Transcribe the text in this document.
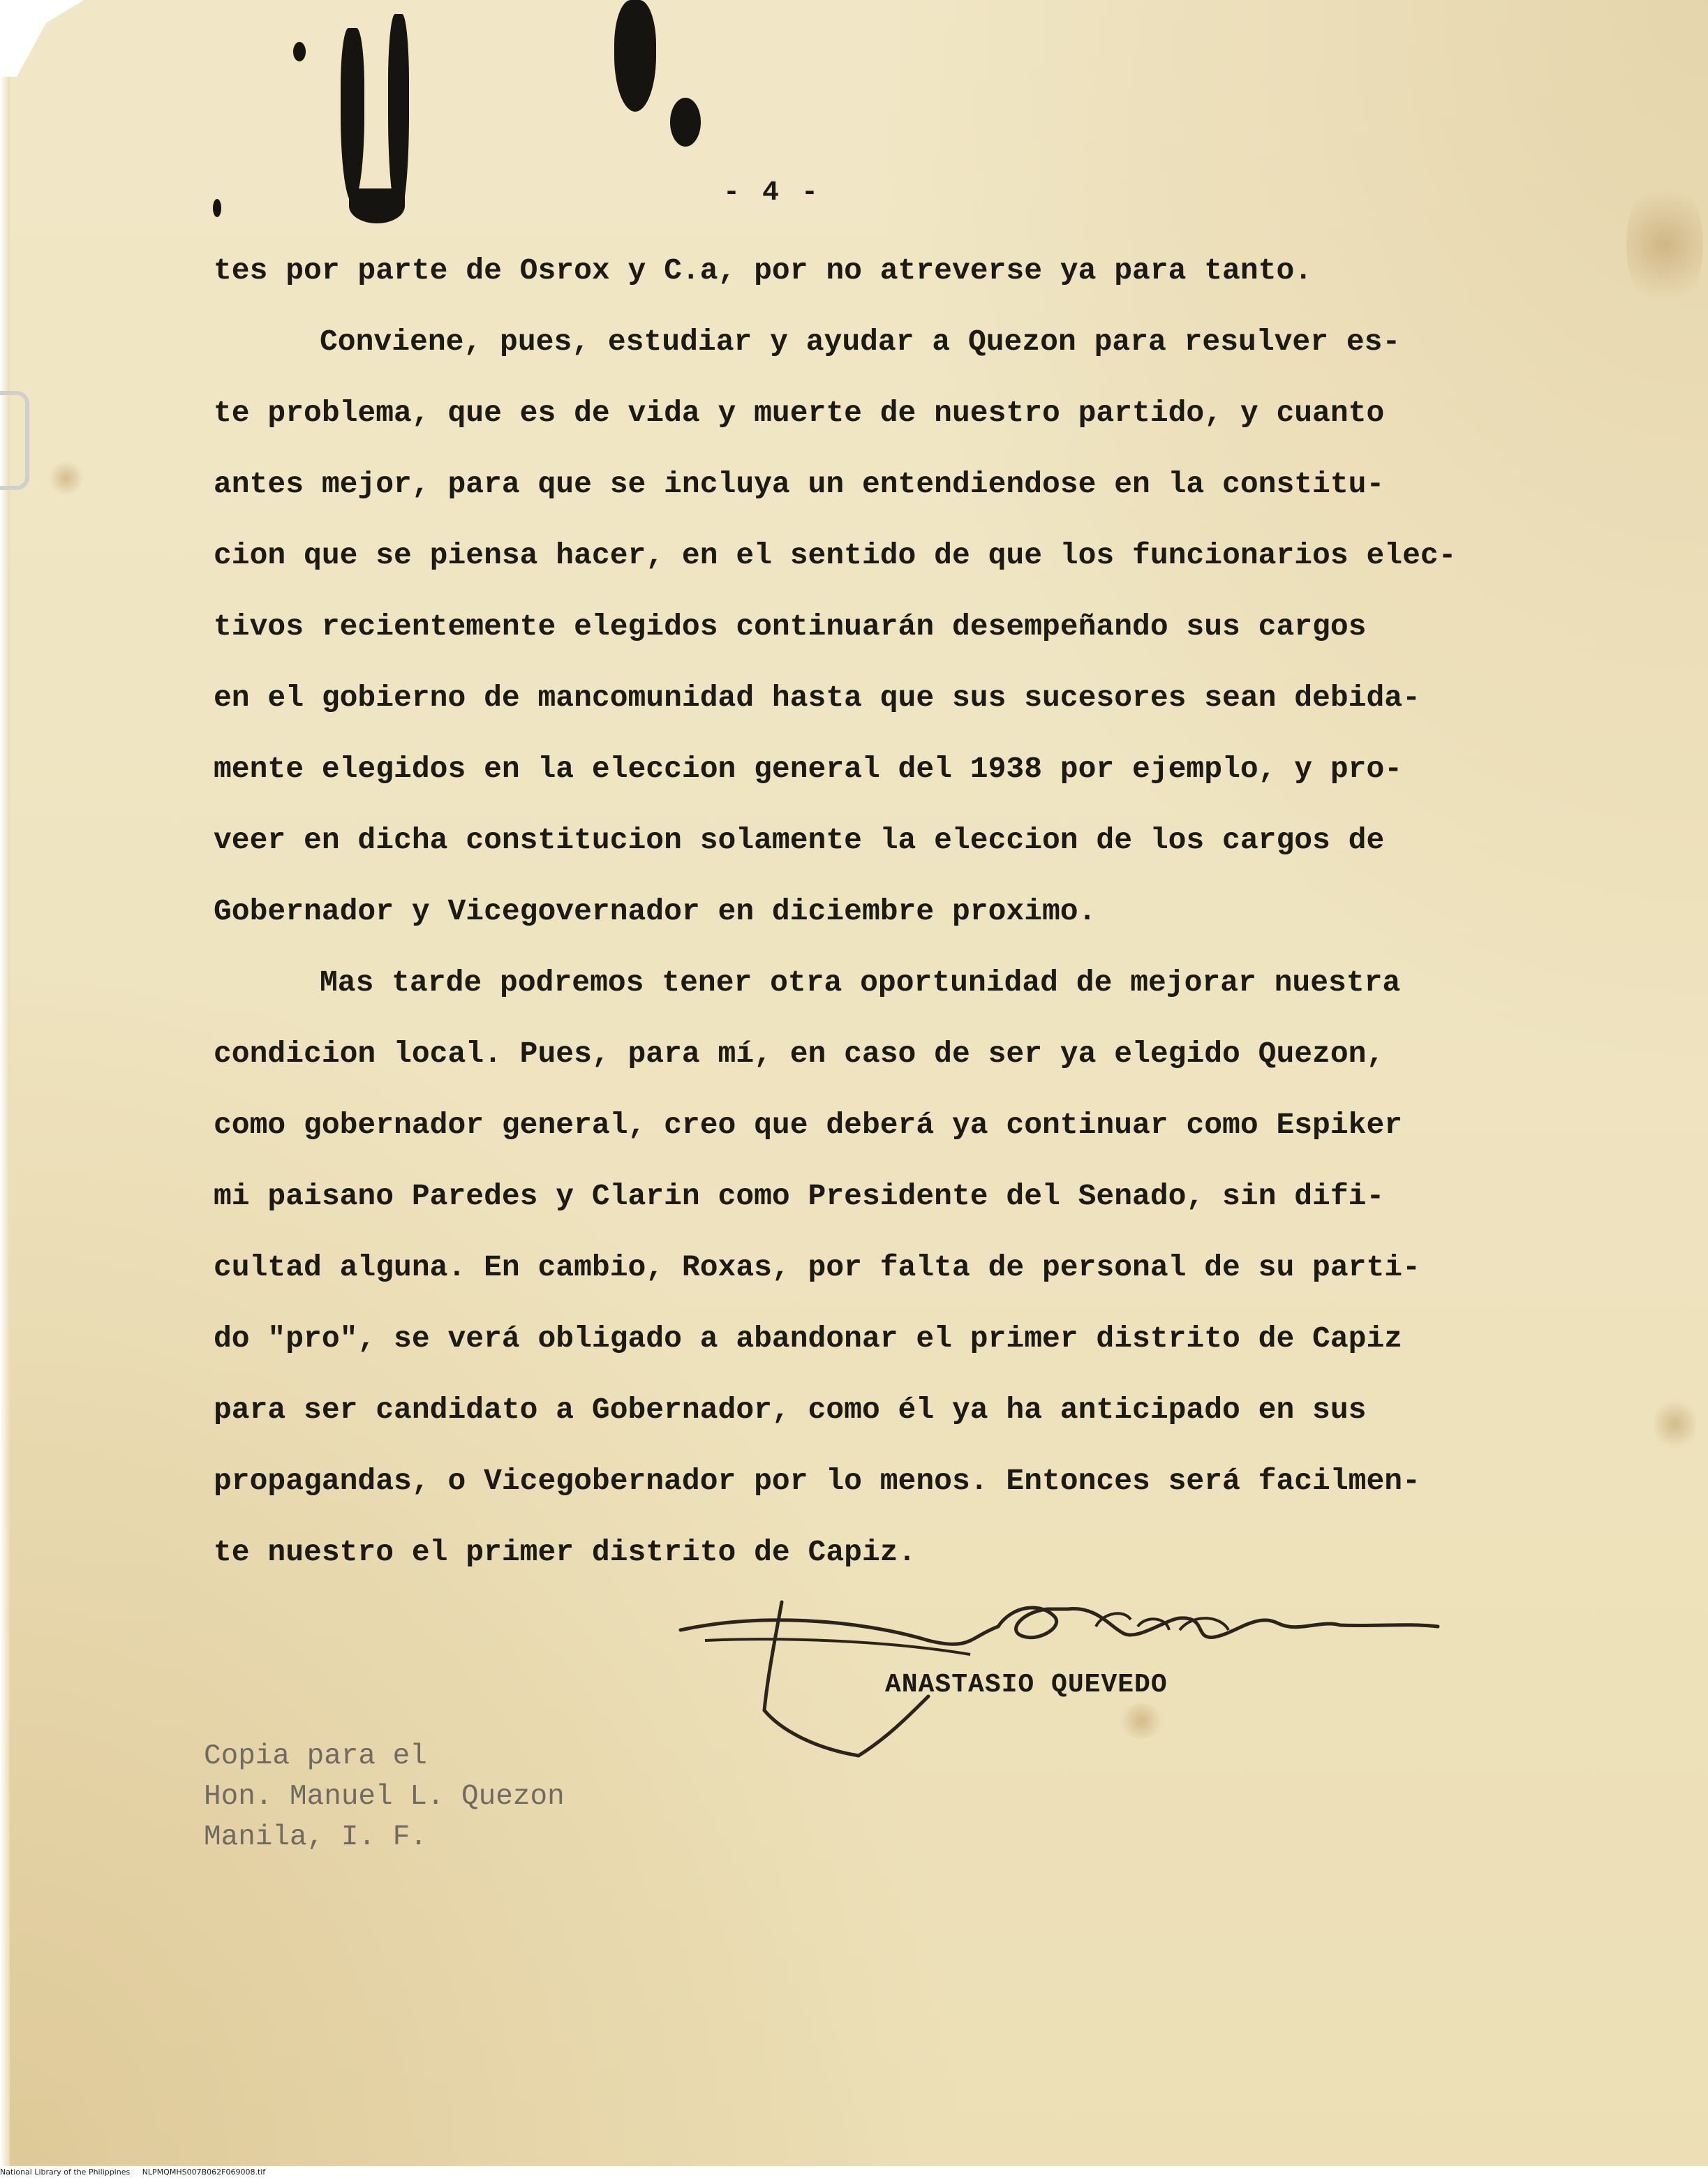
- 4 -
tes por parte de Osrox y C.a, por no atreverse ya para tanto.
Conviene, pues, estudiar y ayudar a Quezon para resulver es-
te problema, que es de vida y muerte de nuestro partido, y cuanto
antes mejor, para que se incluya un entendiendose en la constitu-
cion que se piensa hacer, en el sentido de que los funcionarios elec-
tivos recientemente elegidos continuarán desempeñando sus cargos
en el gobierno de mancomunidad hasta que sus sucesores sean debida-
mente elegidos en la eleccion general del 1938 por ejemplo, y pro-
veer en dicha constitucion solamente la eleccion de los cargos de
Gobernador y Vicegovernador en diciembre proximo.
Mas tarde podremos tener otra oportunidad de mejorar nuestra
condicion local. Pues, para mí, en caso de ser ya elegido Quezon,
como gobernador general, creo que deberá ya continuar como Espiker
mi paisano Paredes y Clarin como Presidente del Senado, sin difi-
cultad alguna. En cambio, Roxas, por falta de personal de su parti-
do "pro", se verá obligado a abandonar el primer distrito de Capiz
para ser candidato a Gobernador, como él ya ha anticipado en sus
propagandas, o Vicegobernador por lo menos. Entonces será facilmen-
te nuestro el primer distrito de Capiz.
ANASTASIO QUEVEDO
Copia para el
Hon. Manuel L. Quezon
Manila, I. F.
National Library of the Philippines NLPMQMHS007B062F069008.tif
